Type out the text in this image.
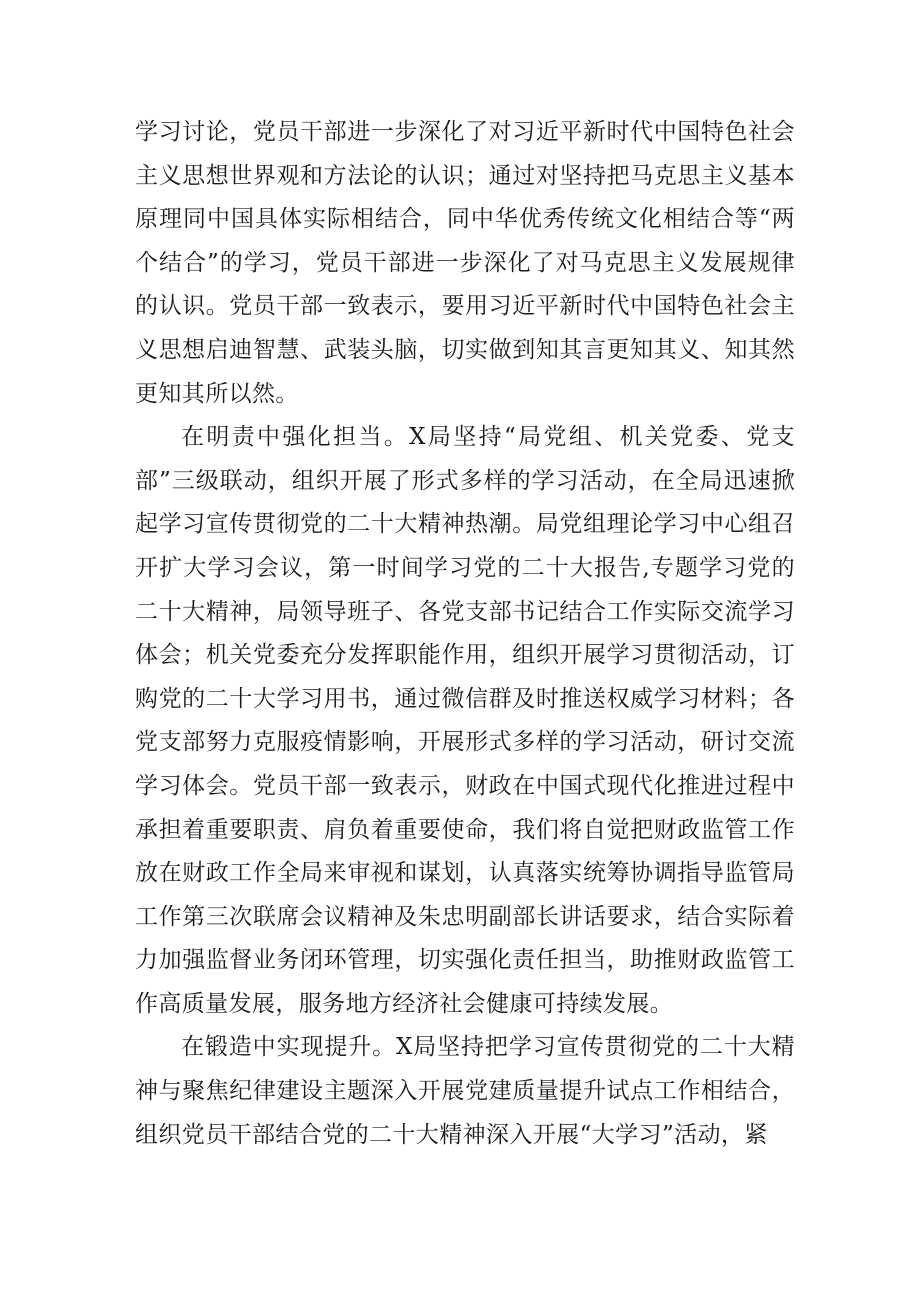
学习讨论，党员干部进一步深化了对习近平新时代中国特色社会主义思想世界观和方法论的认识；通过对坚持把马克思主义基本原理同中国具体实际相结合，同中华优秀传统文化相结合等“两个结合”的学习，党员干部进一步深化了对马克思主义发展规律的认识。党员干部一致表示，要用习近平新时代中国特色社会主义思想启迪智慧、武装头脑，切实做到知其言更知其义、知其然更知其所以然。

在明责中强化担当。X局坚持“局党组、机关党委、党支部”三级联动，组织开展了形式多样的学习活动，在全局迅速掀起学习宣传贯彻党的二十大精神热潮。局党组理论学习中心组召开扩大学习会议，第一时间学习党的二十大报告,专题学习党的二十大精神，局领导班子、各党支部书记结合工作实际交流学习体会；机关党委充分发挥职能作用，组织开展学习贯彻活动，订购党的二十大学习用书，通过微信群及时推送权威学习材料；各党支部努力克服疫情影响，开展形式多样的学习活动，研讨交流学习体会。党员干部一致表示，财政在中国式现代化推进过程中承担着重要职责、肩负着重要使命，我们将自觉把财政监管工作放在财政工作全局来审视和谋划，认真落实统筹协调指导监管局工作第三次联席会议精神及朱忠明副部长讲话要求，结合实际着力加强监督业务闭环管理，切实强化责任担当，助推财政监管工作高质量发展，服务地方经济社会健康可持续发展。

在锻造中实现提升。X局坚持把学习宣传贯彻党的二十大精神与聚焦纪律建设主题深入开展党建质量提升试点工作相结合，组织党员干部结合党的二十大精神深入开展“大学习”活动，紧
